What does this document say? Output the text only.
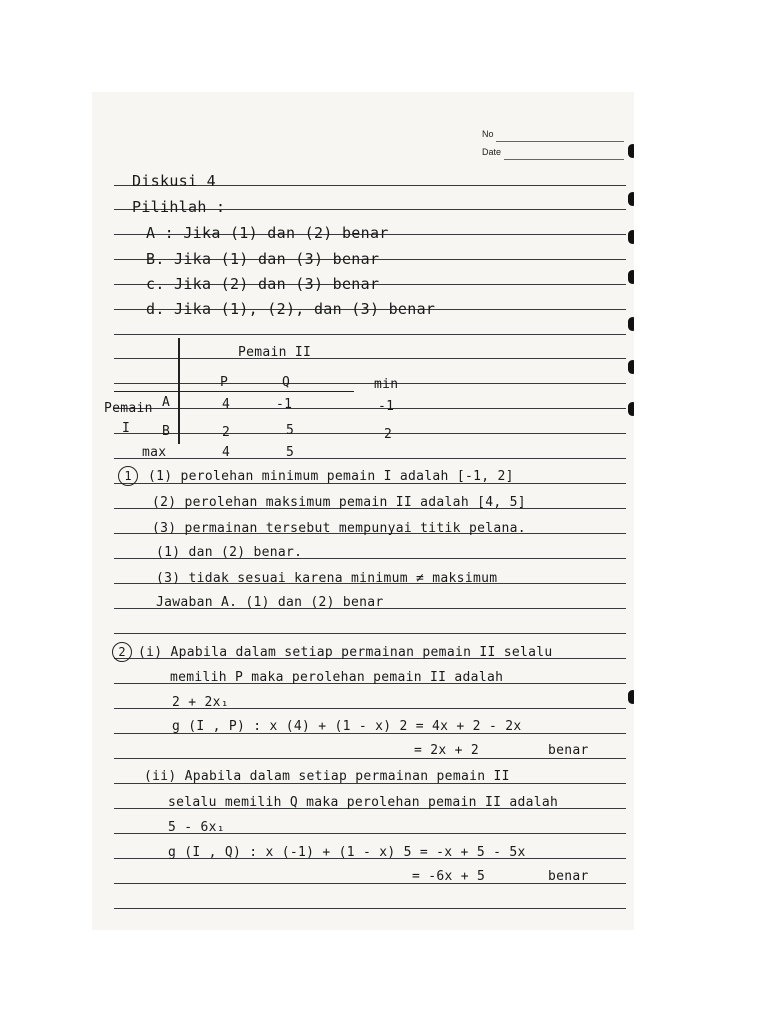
No
Date
Diskusi 4
Pilihlah :
A : Jika (1) dan (2) benar
B. Jika (1) dan (3) benar
c. Jika (2) dan (3) benar
d. Jika (1), (2), dan (3) benar
Pemain II
P	Q	min
Pemain
I
A	4	-1	-1
B	2	5	2
max	4	5
1	(1) perolehan minimum pemain I adalah [-1, 2]
(2) perolehan maksimum pemain II adalah [4, 5]
(3) permainan tersebut mempunyai titik pelana.
(1) dan (2) benar.
(3) tidak sesuai karena minimum ≠ maksimum
Jawaban A. (1) dan (2) benar
2 (i) Apabila dalam setiap permainan pemain II selalu
memilih P maka perolehan pemain II adalah
2 + 2x₁
g (I , P) : x (4) + (1 - x) 2 = 4x + 2 - 2x
= 2x + 2	benar
(ii) Apabila dalam setiap permainan pemain II
selalu memilih Q maka perolehan pemain II adalah
5 - 6x₁
g (I , Q) : x (-1) + (1 - x) 5 = -x + 5 - 5x
= -6x + 5	benar
